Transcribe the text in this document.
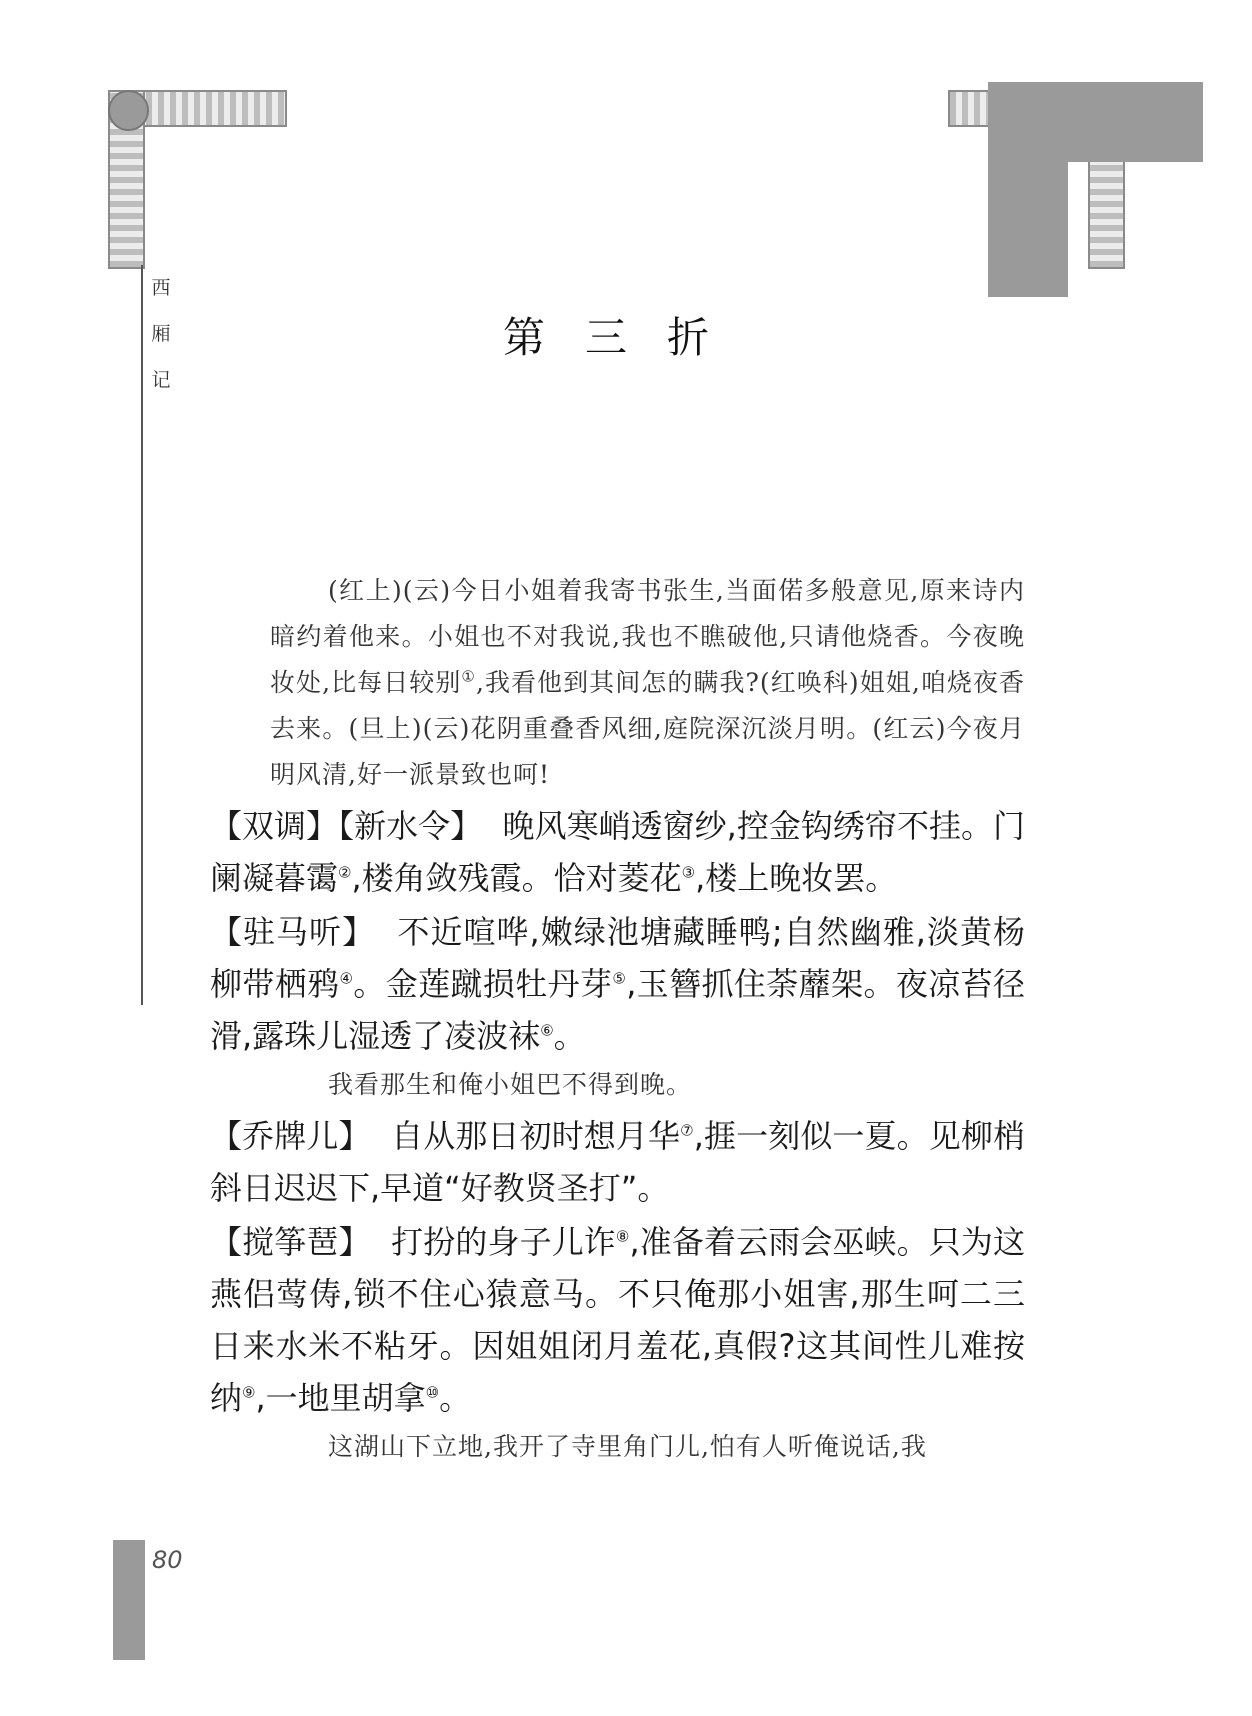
西
厢
记
第三折
(红上)(云)今日小姐着我寄书张生,当面偌多般意见,原来诗内暗约着他来。小姐也不对我说,我也不瞧破他,只请他烧香。今夜晚妆处,比每日较别①,我看他到其间怎的瞒我?(红唤科)姐姐,咱烧夜香去来。(旦上)(云)花阴重叠香风细,庭院深沉淡月明。(红云)今夜月明风清,好一派景致也呵!
【双调】【新水令】 晚风寒峭透窗纱,控金钩绣帘不挂。门阑凝暮霭②,楼角敛残霞。恰对菱花③,楼上晚妆罢。
【驻马听】 不近喧哗,嫩绿池塘藏睡鸭;自然幽雅,淡黄杨柳带栖鸦④。金莲蹴损牡丹芽⑤,玉簪抓住荼蘼架。夜凉苔径滑,露珠儿湿透了凌波袜⑥。
我看那生和俺小姐巴不得到晚。
【乔牌儿】 自从那日初时想月华⑦,捱一刻似一夏。见柳梢斜日迟迟下,早道“好教贤圣打”。
【搅筝琶】 打扮的身子儿诈⑧,准备着云雨会巫峡。只为这燕侣莺俦,锁不住心猿意马。不只俺那小姐害,那生呵二三日来水米不粘牙。因姐姐闭月羞花,真假?这其间性儿难按纳⑨,一地里胡拿⑩。
这湖山下立地,我开了寺里角门儿,怕有人听俺说话,我
80
